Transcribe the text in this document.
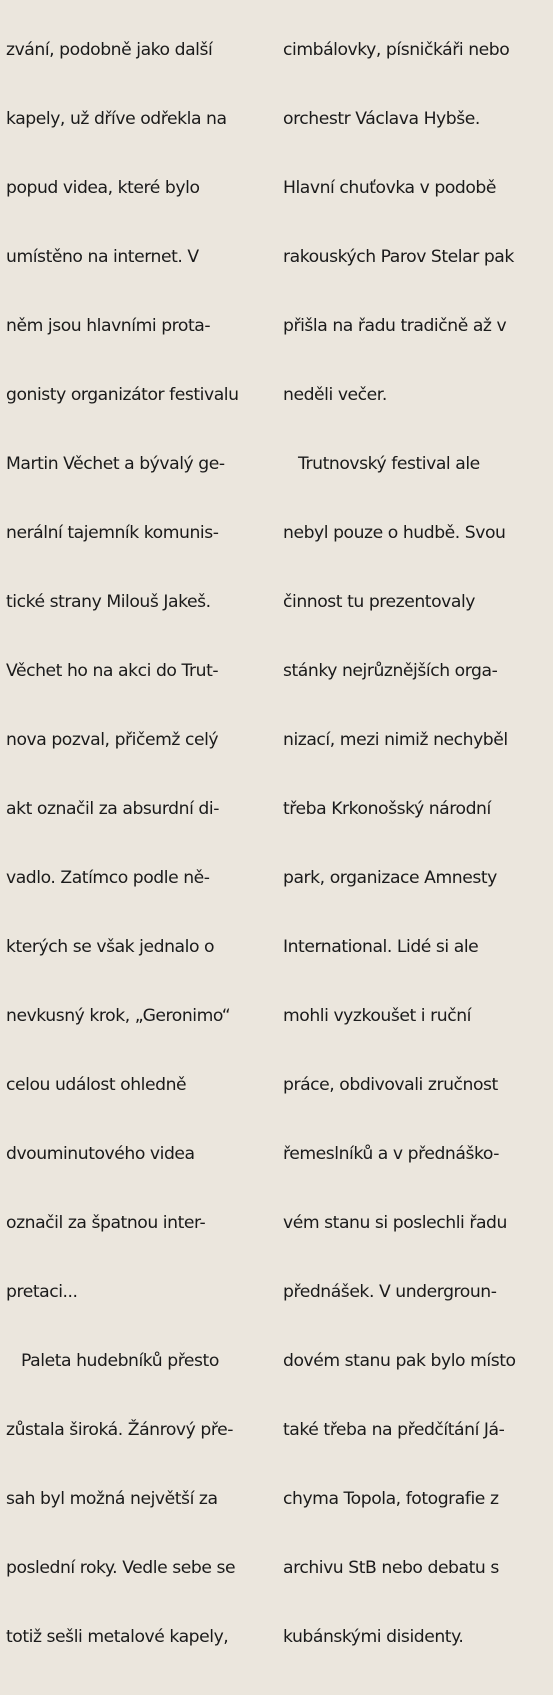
zvání, podobně jako další

kapely, už dříve odřekla na

popud videa, které bylo

umístěno na internet. V

něm jsou hlavními prota-

gonisty organizátor festivalu

Martin Věchet a bývalý ge-

nerální tajemník komunis-

tické strany Milouš Jakeš.

Věchet ho na akci do Trut-

nova pozval, přičemž celý

akt označil za absurdní di-

vadlo. Zatímco podle ně-

kterých se však jednalo o

nevkusný krok, „Geronimo“

celou událost ohledně

dvouminutového videa

označil za špatnou inter-

pretaci...

Paleta hudebníků přesto

zůstala široká. Žánrový pře-

sah byl možná největší za

poslední roky. Vedle sebe se

totiž sešli metalové kapely,

cimbálovky, písničkáři nebo

orchestr Václava Hybše.

Hlavní chuťovka v podobě

rakouských Parov Stelar pak

přišla na řadu tradičně až v

neděli večer.

Trutnovský festival ale

nebyl pouze o hudbě. Svou

činnost tu prezentovaly

stánky nejrůznějších orga-

nizací, mezi nimiž nechyběl

třeba Krkonošský národní

park, organizace Amnesty

International. Lidé si ale

mohli vyzkoušet i ruční

práce, obdivovali zručnost

řemeslníků a v přednáško-

vém stanu si poslechli řadu

přednášek. V undergroun-

dovém stanu pak bylo místo

také třeba na předčítání Já-

chyma Topola, fotografie z

archivu StB nebo debatu s

kubánskými disidenty.
